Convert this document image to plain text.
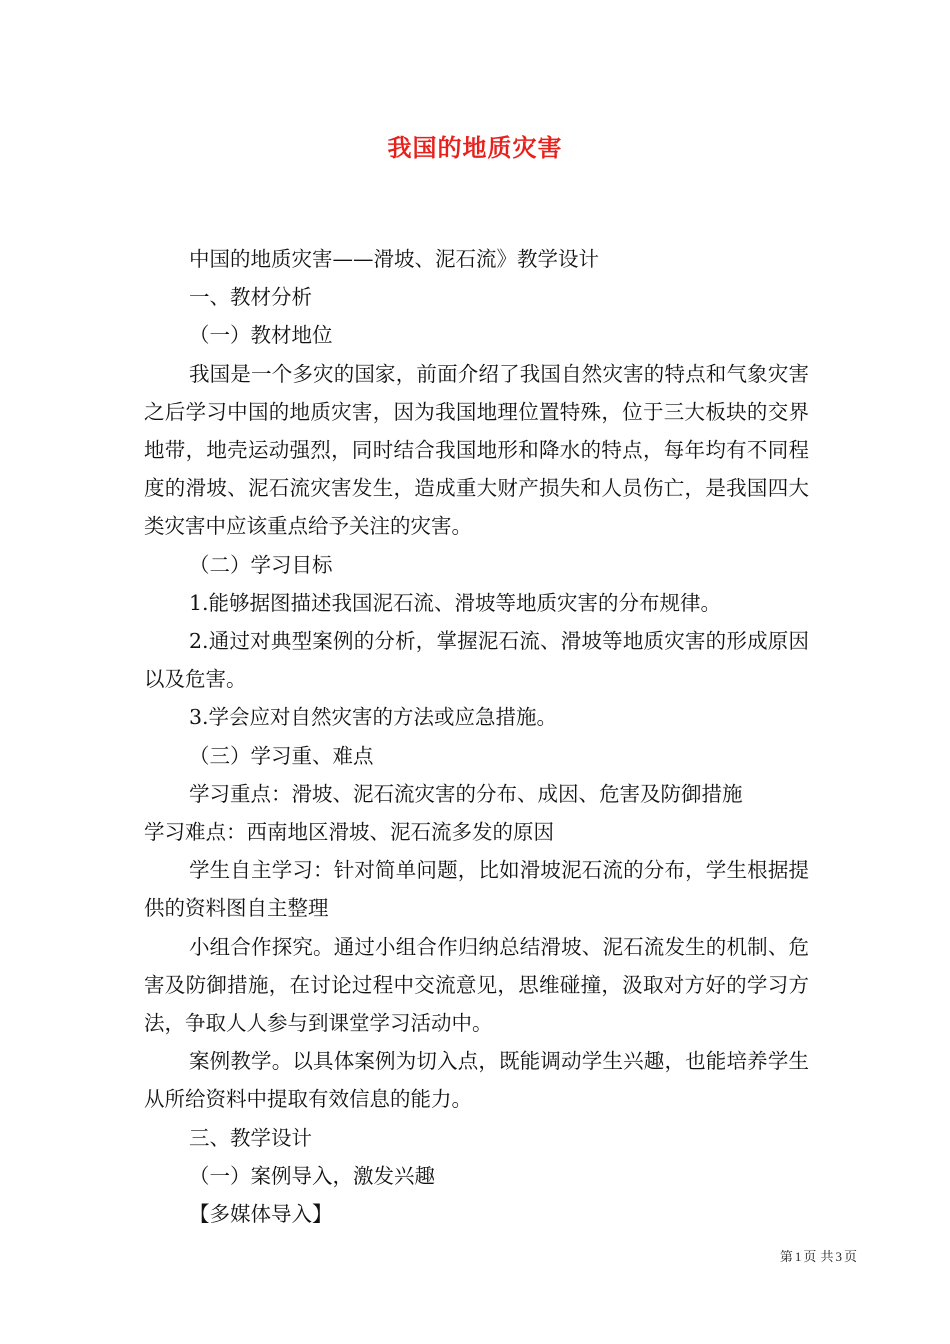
我国的地质灾害

中国的地质灾害——滑坡、泥石流》教学设计

一、教材分析

（一）教材地位

我国是一个多灾的国家，前面介绍了我国自然灾害的特点和气象灾害之后学习中国的地质灾害，因为我国地理位置特殊，位于三大板块的交界地带，地壳运动强烈，同时结合我国地形和降水的特点，每年均有不同程度的滑坡、泥石流灾害发生，造成重大财产损失和人员伤亡，是我国四大类灾害中应该重点给予关注的灾害。

（二）学习目标

1.能够据图描述我国泥石流、滑坡等地质灾害的分布规律。

2.通过对典型案例的分析，掌握泥石流、滑坡等地质灾害的形成原因以及危害。

3.学会应对自然灾害的方法或应急措施。

（三）学习重、难点

学习重点：滑坡、泥石流灾害的分布、成因、危害及防御措施

学习难点：西南地区滑坡、泥石流多发的原因

学生自主学习：针对简单问题，比如滑坡泥石流的分布，学生根据提供的资料图自主整理

小组合作探究。通过小组合作归纳总结滑坡、泥石流发生的机制、危害及防御措施，在讨论过程中交流意见，思维碰撞，汲取对方好的学习方法，争取人人参与到课堂学习活动中。

案例教学。以具体案例为切入点，既能调动学生兴趣，也能培养学生从所给资料中提取有效信息的能力。

三、教学设计

（一）案例导入，激发兴趣

【多媒体导入】

第 1 页 共 3 页
